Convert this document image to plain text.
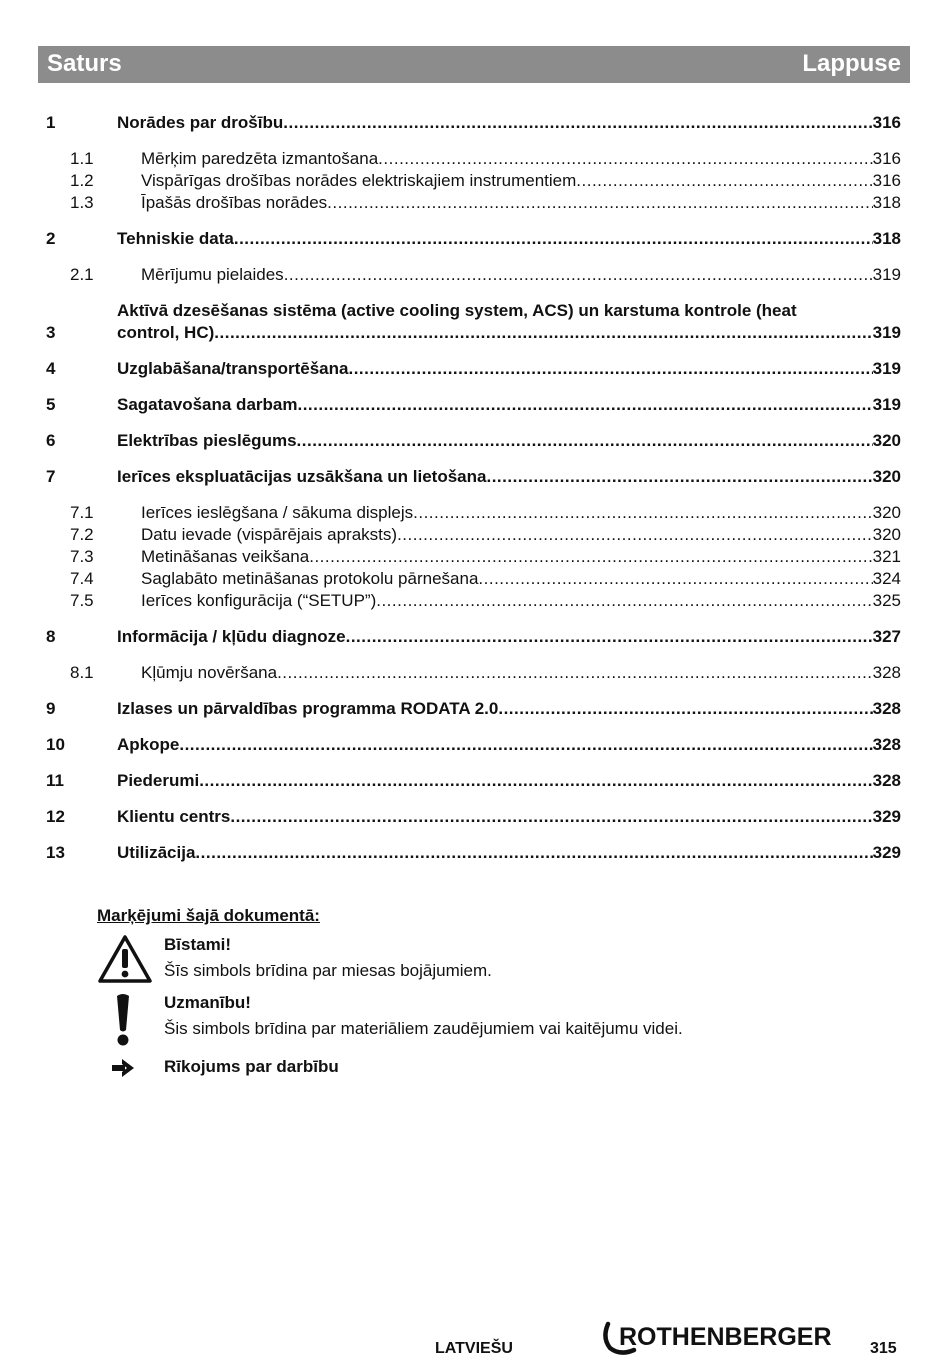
Saturs	Lappuse
1	Norādes par drošību .....	316
1.1	Mērķim paredzēta izmantošana .....	316
1.2	Vispārīgas drošības norādes elektriskajiem instrumentiem .....	316
1.3	Īpašās drošības norādes .....	318
2	Tehniskie data .....	318
2.1	Mērījumu pielaides .....	319
3
Aktīvā dzesēšanas sistēma (active cooling system, ACS) un karstuma kontrole (heat
control, HC) .....	319
4	Uzglabāšana/transportēšana .....	319
5	Sagatavošana darbam .....	319
6	Elektrības pieslēgums .....	320
7	Ierīces ekspluatācijas uzsākšana un lietošana .....	320
7.1	Ierīces ieslēgšana / sākuma displejs .....	320
7.2	Datu ievade (vispārējais apraksts) .....	320
7.3	Metināšanas veikšana .....	321
7.4	Saglabāto metināšanas protokolu pārnešana .....	324
7.5	Ierīces konfigurācija (“SETUP”) .....	325
8	Informācija / kļūdu diagnoze .....	327
8.1	Kļūmju novēršana .....	328
9	Izlases un pārvaldības programma RODATA 2.0 .....	328
10	Apkope .....	328
11	Piederumi .....	328
12	Klientu centrs .....	329
13	Utilizācija .....	329
Marķējumi šajā dokumentā:
Bīstami!
Šīs simbols brīdina par miesas bojājumiem.
Uzmanību!
Šis simbols brīdina par materiāliem zaudējumiem vai kaitējumu videi.
Rīkojums par darbību
LATVIEŠU	ROTHENBERGER 315
